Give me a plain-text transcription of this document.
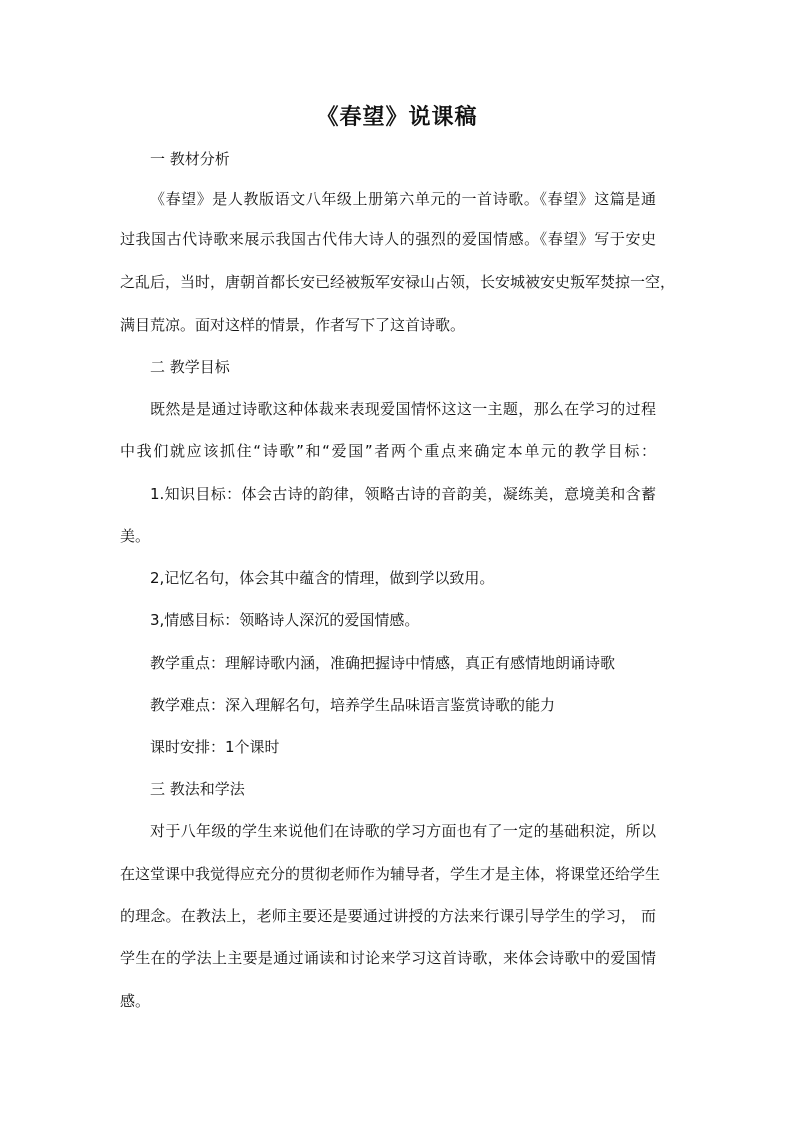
《春望》说课稿
一 教材分析
《春望》是人教版语文八年级上册第六单元的一首诗歌。《春望》这篇是通
过我国古代诗歌来展示我国古代伟大诗人的强烈的爱国情感。《春望》写于安史
之乱后，当时，唐朝首都长安已经被叛军安禄山占领，长安城被安史叛军焚掠一空，
满目荒凉。面对这样的情景，作者写下了这首诗歌。
二 教学目标
既然是是通过诗歌这种体裁来表现爱国情怀这这一主题，那么在学习的过程
中我们就应该抓住“诗歌”和“爱国”者两个重点来确定本单元的教学目标：
1.知识目标：体会古诗的韵律，领略古诗的音韵美，凝练美，意境美和含蓄
美。
2,记忆名句，体会其中蕴含的情理，做到学以致用。
3,情感目标：领略诗人深沉的爱国情感。
教学重点：理解诗歌内涵，准确把握诗中情感，真正有感情地朗诵诗歌
教学难点：深入理解名句，培养学生品味语言鉴赏诗歌的能力
课时安排：1个课时
三 教法和学法
对于八年级的学生来说他们在诗歌的学习方面也有了一定的基础积淀，所以
在这堂课中我觉得应充分的贯彻老师作为辅导者，学生才是主体，将课堂还给学生
的理念。在教法上，老师主要还是要通过讲授的方法来行课引导学生的学习， 而
学生在的学法上主要是通过诵读和讨论来学习这首诗歌，来体会诗歌中的爱国情
感。
